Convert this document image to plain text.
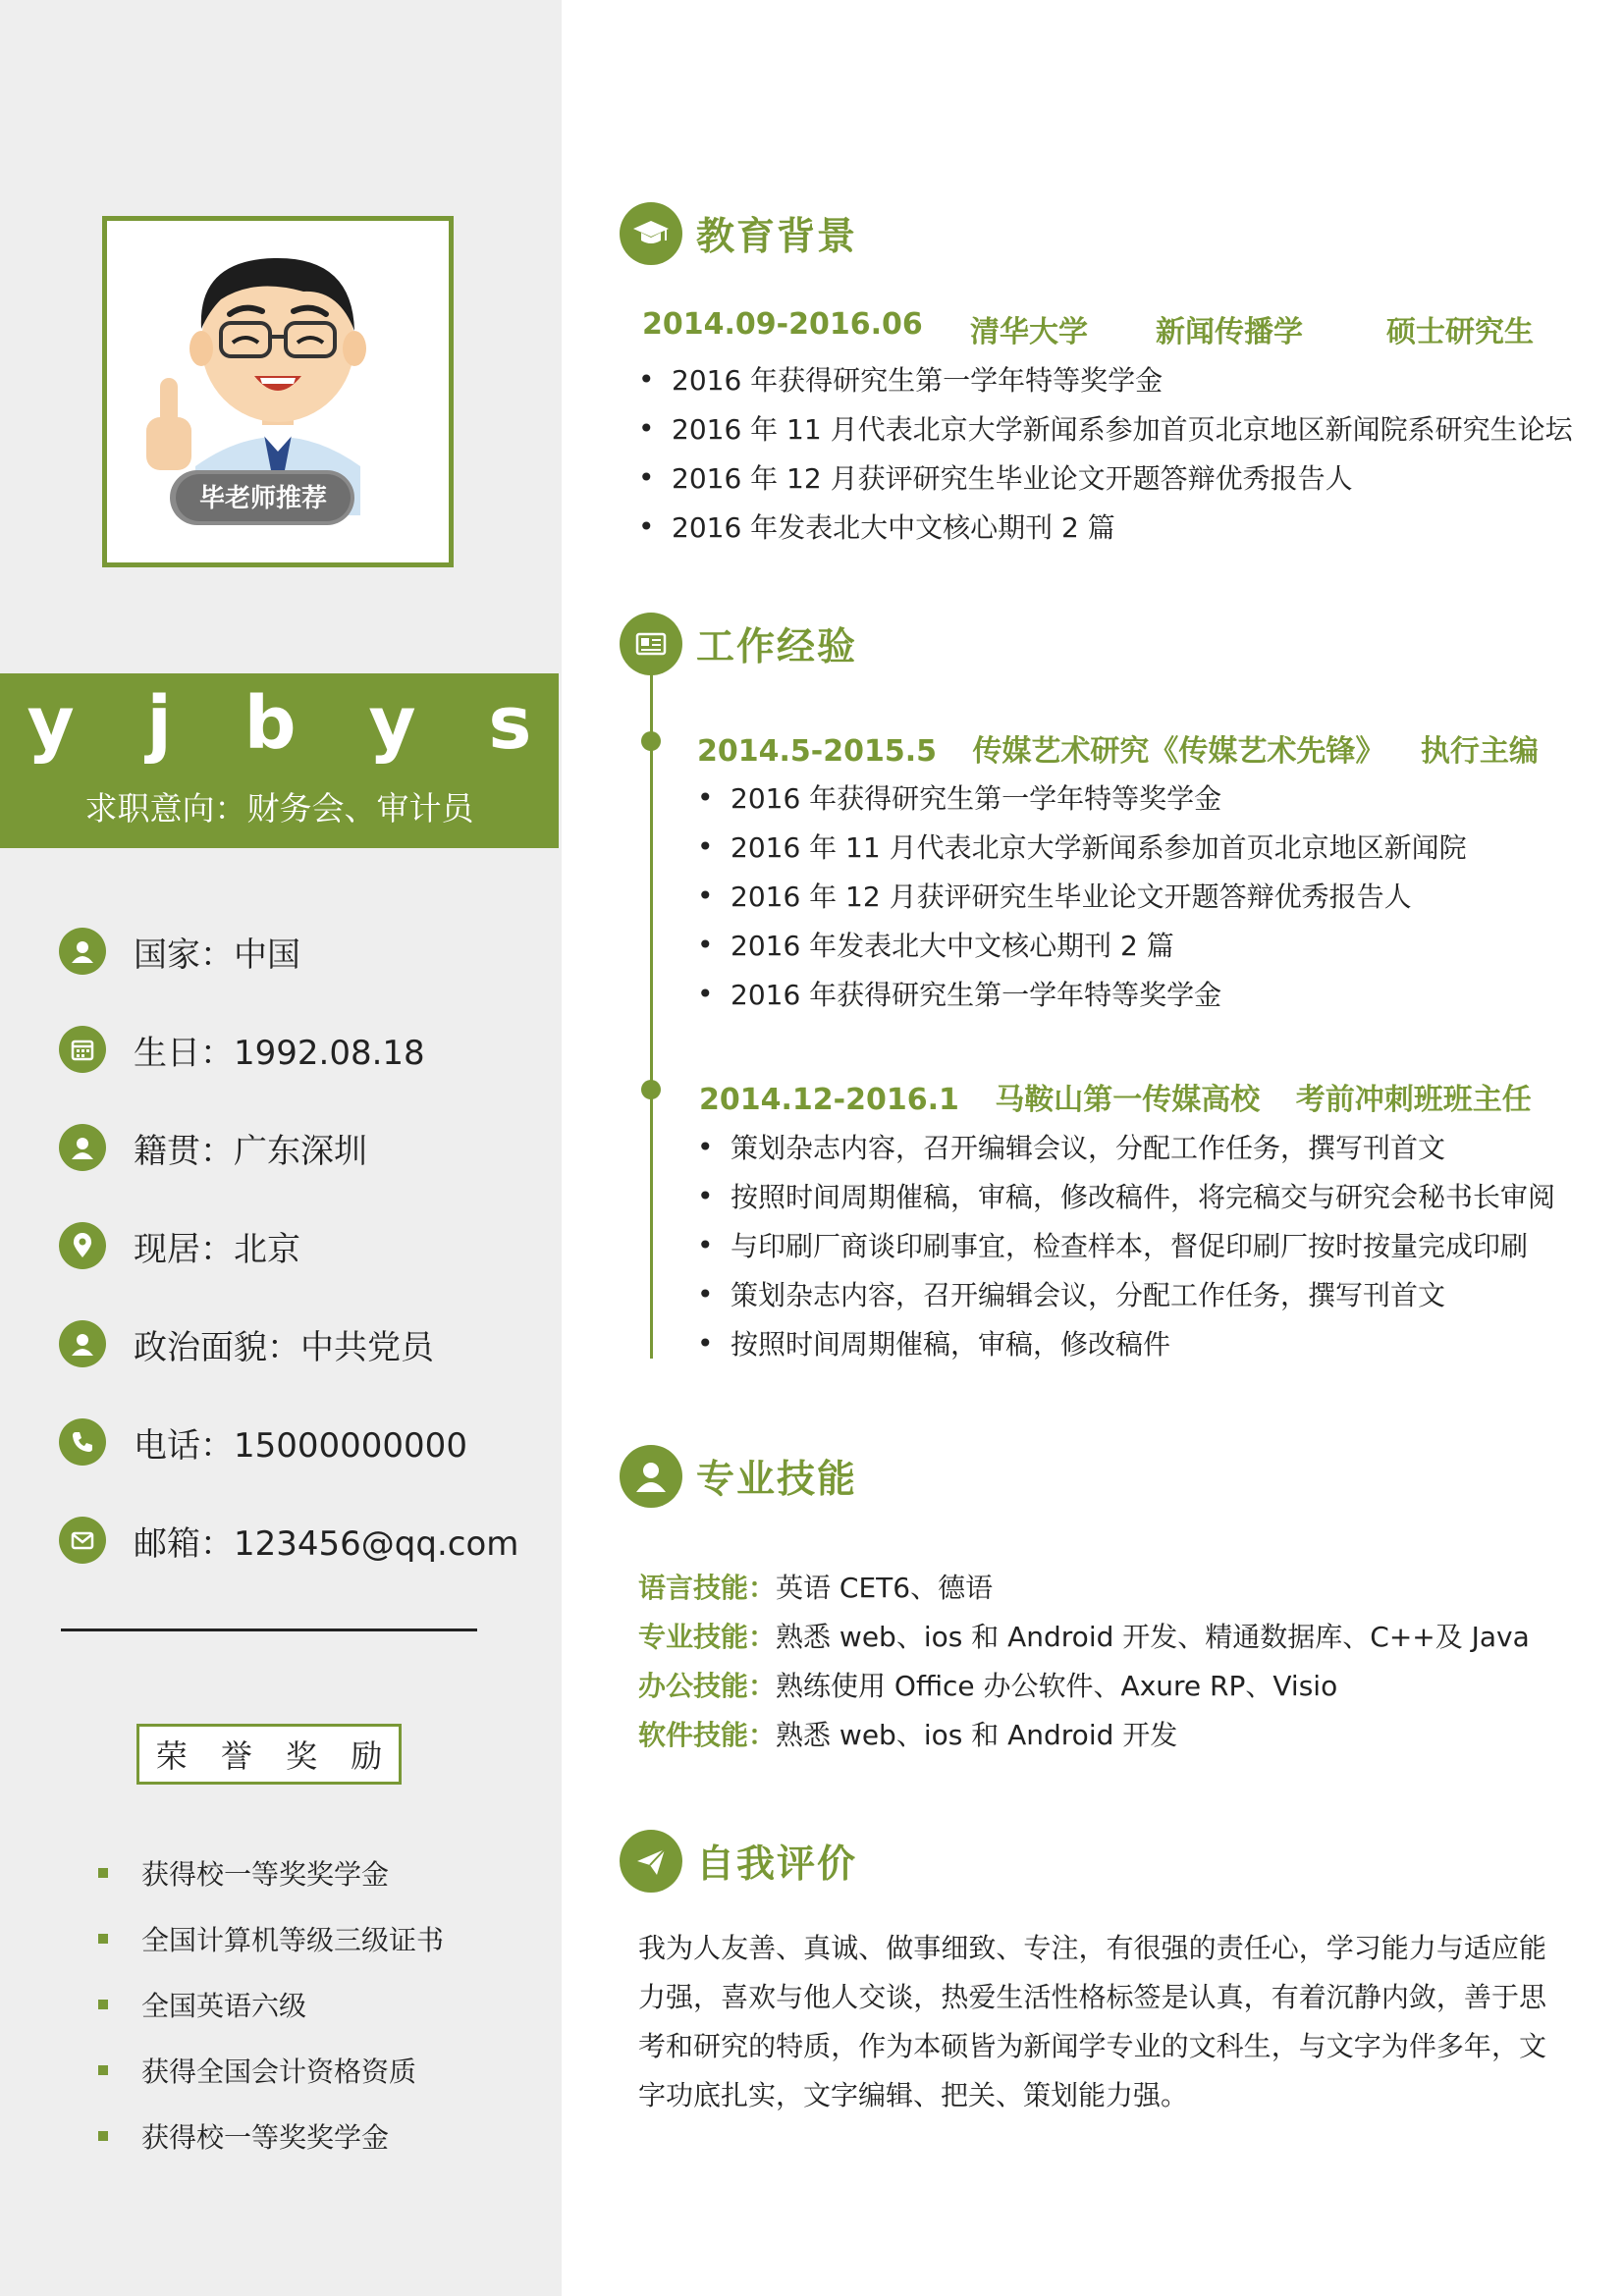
毕老师推荐
y j b y s
求职意向：财务会、审计员
国家：中国
生日：1992.08.18
籍贯：广东深圳
现居：北京
政治面貌：中共党员
电话：15000000000
邮箱：123456@qq.com
荣 誉 奖 励
获得校一等奖奖学金
全国计算机等级三级证书
全国英语六级
获得全国会计资格资质
获得校一等奖奖学金
教育背景
2014.09-2016.06 清华大学 新闻传播学	硕士研究生
• 2016 年获得研究生第一学年特等奖学金
• 2016 年 11 月代表北京大学新闻系参加首页北京地区新闻院系研究生论坛
• 2016 年 12 月获评研究生毕业论文开题答辩优秀报告人
• 2016 年发表北大中文核心期刊 2 篇
工作经验
2014.5-2015.5 传媒艺术研究《传媒艺术先锋》 执行主编
• 2016 年获得研究生第一学年特等奖学金
• 2016 年 11 月代表北京大学新闻系参加首页北京地区新闻院
• 2016 年 12 月获评研究生毕业论文开题答辩优秀报告人
• 2016 年发表北大中文核心期刊 2 篇
• 2016 年获得研究生第一学年特等奖学金
2014.12-2016.1 马鞍山第一传媒高校 考前冲刺班班主任
• 策划杂志内容，召开编辑会议，分配工作任务，撰写刊首文
• 按照时间周期催稿，审稿，修改稿件，将完稿交与研究会秘书长审阅
• 与印刷厂商谈印刷事宜，检查样本，督促印刷厂按时按量完成印刷
• 策划杂志内容，召开编辑会议，分配工作任务，撰写刊首文
• 按照时间周期催稿，审稿，修改稿件
专业技能
语言技能：英语 CET6、德语
专业技能：熟悉 web、ios 和 Android 开发、精通数据库、C++及 Java
办公技能：熟练使用 Office 办公软件、Axure RP、Visio
软件技能：熟悉 web、ios 和 Android 开发
自我评价
我为人友善、真诚、做事细致、专注，有很强的责任心，学习能力与适应能力强，喜欢与他人交谈，热爱生活性格标签是认真，有着沉静内敛，善于思考和研究的特质，作为本硕皆为新闻学专业的文科生，与文字为伴多年，文字功底扎实，文字编辑、把关、策划能力强。
